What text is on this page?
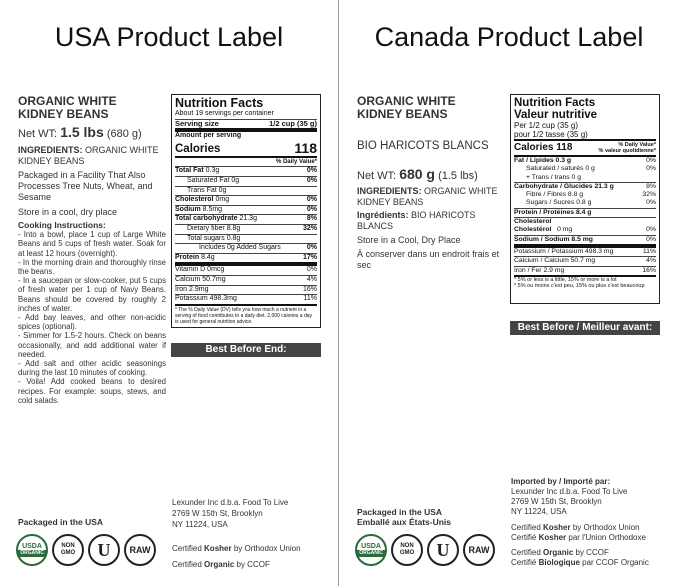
USA Product Label
ORGANIC WHITE
KIDNEY BEANS
Net WT: 1.5 lbs (680 g)
INGREDIENTS: ORGANIC WHITE KIDNEY BEANS
Packaged in a Facility That Also Processes Tree Nuts, Wheat, and Sesame
Store in a cool, dry place
Cooking Instructions:
- Into a bowl, place 1 cup of Large White Beans and 5 cups of fresh water. Soak for at least 12 hours (overnight).
- In the morning drain and thoroughly rinse the beans.
- In a saucepan or slow-cooker, put 5 cups of fresh water per 1 cup of Navy Beans. Beans should be covered by roughly 2 inches of water.
- Add bay leaves, and other non-acidic spices (optional).
- Simmer for 1.5-2 hours. Check on beans occasionally, and add additional water if needed.
- Add salt and other acidic seasonings during the last 10 minutes of cooking.
- Voila! Add cooked beans to desired recipes. For example: soups, stews, and cold salads.
Nutrition Facts
About 19 servings per container
Serving size	1/2 cup (35 g)
Amount per serving
Calories	118
% Daily Value*
Total Fat 0.3g	0%
Saturated Fat 0g	0%
Trans Fat 0g
Cholesterol 0mg	0%
Sodium 8.5mg	0%
Total carbohydrate 21.3g	8%
Dietary fiber 8.8g	32%
Total sugars 0.8g
Includes 0g Added Sugars	0%
Protein 8.4g	17%
Vitamin D 0mcg	0%
Calcium 50.7mg	4%
Iron 2.9mg	16%
Potassium 498.3mg	11%
* The % Daily Value (DV) tells you how much a nutrient in a serving of food contributes to a daily diet. 2,000 calories a day is used for general nutrition advice.
Best Before End:
Lexunder Inc d.b.a. Food To Live
2769 W 15th St, Brooklyn
NY 11224, USA
Certified Kosher by Orthodox Union
Certified Organic by CCOF
Packaged in the USA
USDA
ORGANIC
NON GMO	U	RAW
Canada Product Label
ORGANIC WHITE
KIDNEY BEANS
BIO HARICOTS BLANCS
Net WT: 680 g (1.5 lbs)
INGREDIENTS: ORGANIC WHITE KIDNEY BEANS
Ingrédients: BIO HARICOTS BLANCS
Store in a Cool, Dry Place
À conserver dans un endroit frais et sec
Nutrition Facts
Valeur nutritive
Per 1/2 cup (35 g)
pour 1/2 tasse (35 g)
Calories 118	% Daily Value*
% valeur quotidienne*
Fat / Lipides 0.3 g	0%
Saturated / saturés 0 g	0%
+ Trans / trans 0 g
Carbohydrate / Glucides 21.3 g	8%
Fibre / Fibres 8.8 g	32%
Sugars / Sucres 0.8 g	0%
Protein / Protéines 8.4 g
Cholesterol
Cholestérol 0 mg	0%
Sodium / Sodium 8.5 mg	0%
Potassium / Potassium 498.3 mg	11%
Calcium / Calcium 50.7 mg	4%
Iron / Fer 2.9 mg	16%
* 5% or less is a little, 15% or more is a lot
* 5% ou moins c'est peu, 15% ou plus c'est beaucoup
Best Before / Meilleur avant:
Imported by / Importé par:
Lexunder Inc d.b.a. Food To Live
2769 W 15th St, Brooklyn
NY 11224, USA
Certified Kosher by Orthodox Union
Certifié Kosher par l'Union Orthodoxe
Certified Organic by CCOF
Certifié Biologique par CCOF Organic
Packaged in the USA
Emballé aux États-Unis
USDA
ORGANIC
NON GMO	U	RAW
